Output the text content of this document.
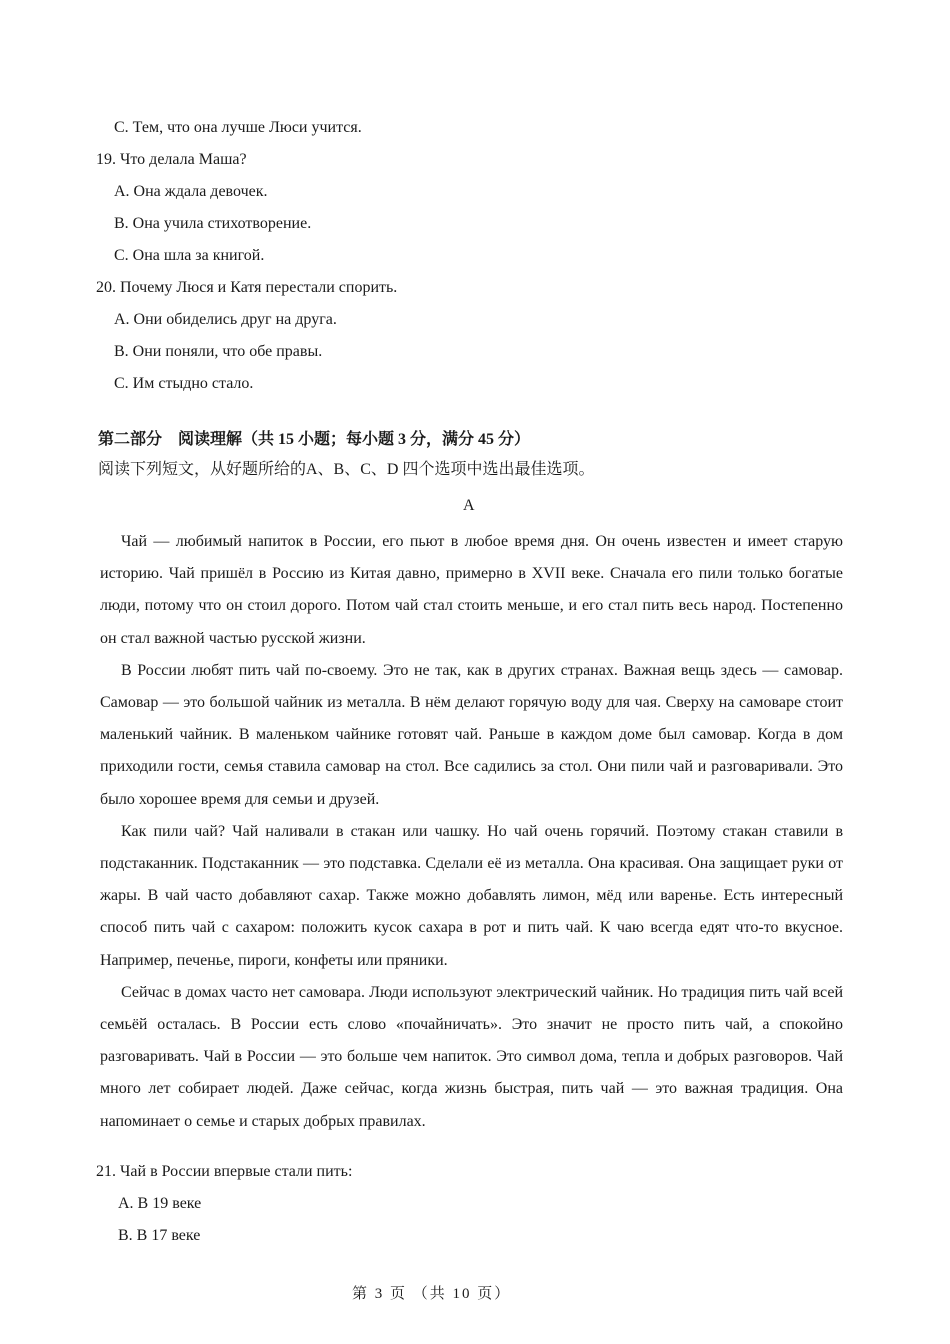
C. Тем, что она лучше Люси учится.
19. Что делала Маша?
A. Она ждала девочек.
B. Она учила стихотворение.
C. Она шла за книгой.
20. Почему Люся и Катя перестали спорить.
A. Они обиделись друг на друга.
B. Они поняли, что обе правы.
C. Им стыдно стало.
第二部分　阅读理解（共 15 小题；每小题 3 分，满分 45 分）
阅读下列短文，从好题所给的A、B、C、D 四个选项中选出最佳选项。
A

Чай — любимый напиток в России, его пьют в любое время дня. Он очень известен и имеет старую историю. Чай пришёл в Россию из Китая давно, примерно в XVII веке. Сначала его пили только богатые люди, потому что он стоил дорого. Потом чай стал стоить меньше, и его стал пить весь народ. Постепенно он стал важной частью русской жизни.

В России любят пить чай по-своему. Это не так, как в других странах. Важная вещь здесь — самовар. Самовар — это большой чайник из металла. В нём делают горячую воду для чая. Сверху на самоваре стоит маленький чайник. В маленьком чайнике готовят чай. Раньше в каждом доме был самовар. Когда в дом приходили гости, семья ставила самовар на стол. Все садились за стол. Они пили чай и разговаривали. Это было хорошее время для семьи и друзей.

Как пили чай? Чай наливали в стакан или чашку. Но чай очень горячий. Поэтому стакан ставили в подстаканник. Подстаканник — это подставка. Сделали её из металла. Она красивая. Она защищает руки от жары. В чай часто добавляют сахар. Также можно добавлять лимон, мёд или варенье. Есть интересный способ пить чай с сахаром: положить кусок сахара в рот и пить чай. К чаю всегда едят что-то вкусное. Например, печенье, пироги, конфеты или пряники.

Сейчас в домах часто нет самовара. Люди используют электрический чайник. Но традиция пить чай всей семьёй осталась. В России есть слово «почайничать». Это значит не просто пить чай, а спокойно разговаривать. Чай в России — это больше чем напиток. Это символ дома, тепла и добрых разговоров. Чай много лет собирает людей. Даже сейчас, когда жизнь быстрая, пить чай — это важная традиция. Она напоминает о семье и старых добрых правилах.

21. Чай в России впервые стали пить:
A. В 19 веке
B. В 17 веке
第 3 页 （共 10 页）
